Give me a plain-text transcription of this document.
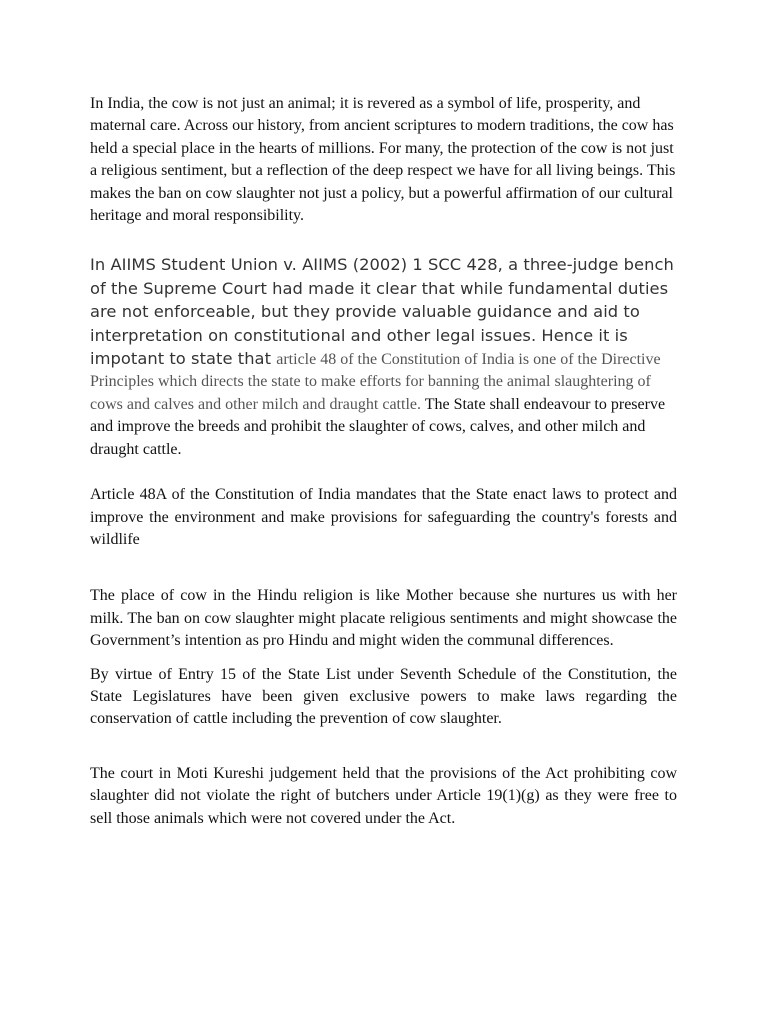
In India, the cow is not just an animal; it is revered as a symbol of life, prosperity, and maternal care. Across our history, from ancient scriptures to modern traditions, the cow has held a special place in the hearts of millions. For many, the protection of the cow is not just a religious sentiment, but a reflection of the deep respect we have for all living beings. This makes the ban on cow slaughter not just a policy, but a powerful affirmation of our cultural heritage and moral responsibility.

In AIIMS Student Union v. AIIMS (2002) 1 SCC 428, a three-judge bench of the Supreme Court had made it clear that while fundamental duties are not enforceable, but they provide valuable guidance and aid to interpretation on constitutional and other legal issues. Hence it is impotant to state that article 48 of the Constitution of India is one of the Directive Principles which directs the state to make efforts for banning the animal slaughtering of cows and calves and other milch and draught cattle. The State shall endeavour to preserve and improve the breeds and prohibit the slaughter of cows, calves, and other milch and draught cattle.

Article 48A of the Constitution of India mandates that the State enact laws to protect and improve the environment and make provisions for safeguarding the country's forests and wildlife

The place of cow in the Hindu religion is like Mother because she nurtures us with her milk. The ban on cow slaughter might placate religious sentiments and might showcase the Government’s intention as pro Hindu and might widen the communal differences.

By virtue of Entry 15 of the State List under Seventh Schedule of the Constitution, the State Legislatures have been given exclusive powers to make laws regarding the conservation of cattle including the prevention of cow slaughter.

The court in Moti Kureshi judgement held that the provisions of the Act prohibiting cow slaughter did not violate the right of butchers under Article 19(1)(g) as they were free to sell those animals which were not covered under the Act.
